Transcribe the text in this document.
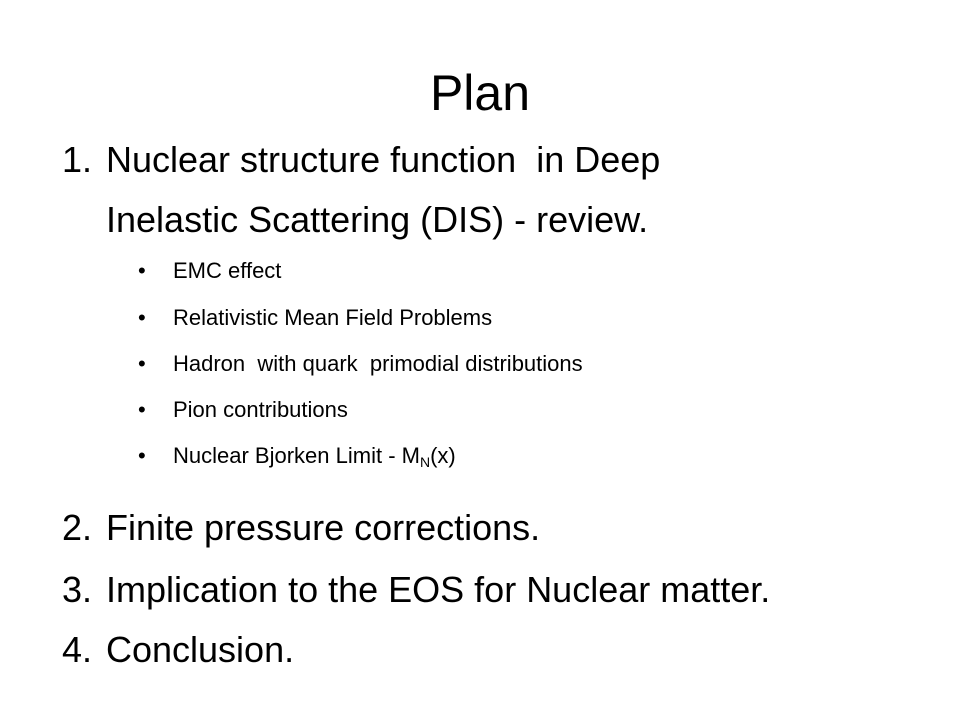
Plan
1. Nuclear structure function  in Deep
Inelastic Scattering (DIS) - review.
• EMC effect
• Relativistic Mean Field Problems
• Hadron  with quark  primodial distributions
• Pion contributions
• Nuclear Bjorken Limit - $M_N(x)$
2. Finite pressure corrections.
3. Implication to the EOS for Nuclear matter.
4. Conclusion.
